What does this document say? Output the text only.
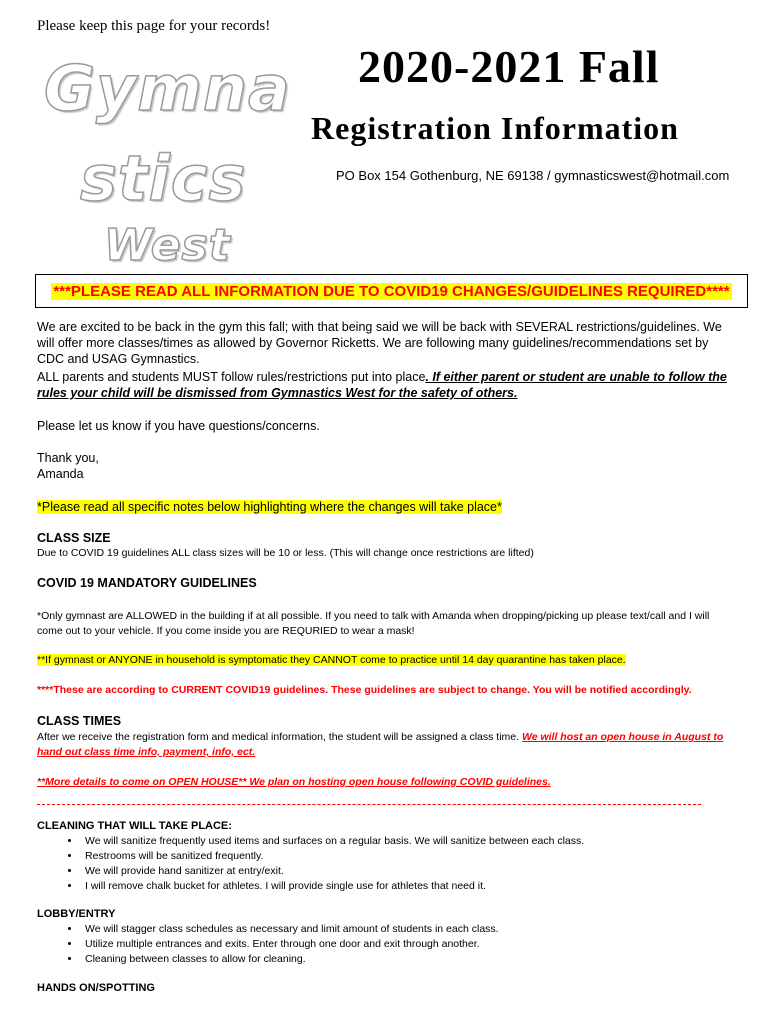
Please keep this page for your records!
Gymna
stics
West
2020-2021 Fall
Registration Information
PO Box 154 Gothenburg, NE 69138 / gymnasticswest@hotmail.com
***PLEASE READ ALL INFORMATION DUE TO COVID19 CHANGES/GUIDELINES REQUIRED****
We are excited to be back in the gym this fall; with that being said we will be back with SEVERAL restrictions/guidelines. We will offer more classes/times as allowed by Governor Ricketts. We are following many guidelines/recommendations set by CDC and USAG Gymnastics.
ALL parents and students MUST follow rules/restrictions put into place. If either parent or student are unable to follow the rules your child will be dismissed from Gymnastics West for the safety of others.
Please let us know if you have questions/concerns.
Thank you,
Amanda
*Please read all specific notes below highlighting where the changes will take place*
CLASS SIZE
Due to COVID 19 guidelines ALL class sizes will be 10 or less. (This will change once restrictions are lifted)
COVID 19 MANDATORY GUIDELINES
*Only gymnast are ALLOWED in the building if at all possible. If you need to talk with Amanda when dropping/picking up please text/call and I will come out to your vehicle. If you come inside you are REQURIED to wear a mask!
**If gymnast or ANYONE in household is symptomatic they CANNOT come to practice until 14 day quarantine has taken place.
****These are according to CURRENT COVID19 guidelines. These guidelines are subject to change. You will be notified accordingly.
CLASS TIMES
After we receive the registration form and medical information, the student will be assigned a class time. We will host an open house in August to hand out class time info, payment, info, ect.
**More details to come on OPEN HOUSE** We plan on hosting open house following COVID guidelines.
CLEANING THAT WILL TAKE PLACE:
• We will sanitize frequently used items and surfaces on a regular basis. We will sanitize between each class.
• Restrooms will be sanitized frequently.
• We will provide hand sanitizer at entry/exit.
• I will remove chalk bucket for athletes. I will provide single use for athletes that need it.
LOBBY/ENTRY
• We will stagger class schedules as necessary and limit amount of students in each class.
• Utilize multiple entrances and exits. Enter through one door and exit through another.
• Cleaning between classes to allow for cleaning.
HANDS ON/SPOTTING
